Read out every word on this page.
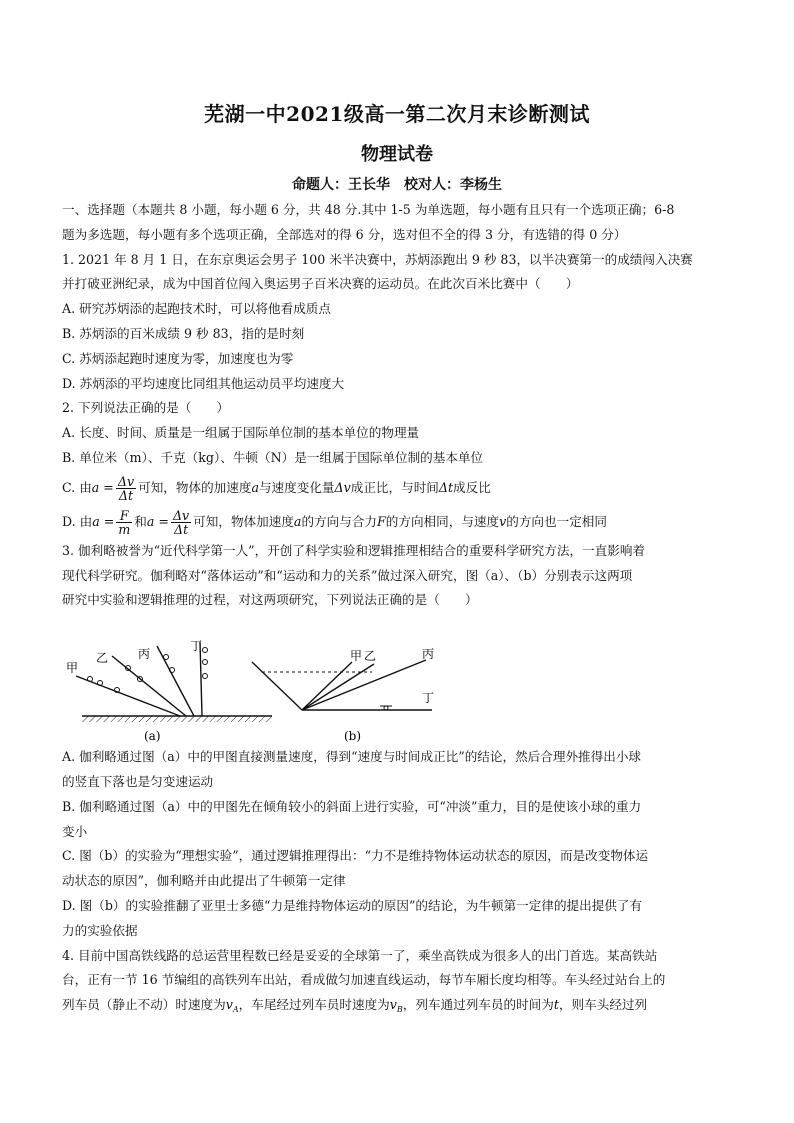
芜湖一中2021级高一第二次月末诊断测试
物理试卷
命题人：王长华　校对人：李杨生
一、选择题（本题共 8 小题，每小题 6 分，共 48 分.其中 1-5 为单选题，每小题有且只有一个选项正确；6-8
题为多选题，每小题有多个选项正确，全部选对的得 6 分，选对但不全的得 3 分，有选错的得 0 分）
1. 2021 年 8 月 1 日，在东京奥运会男子 100 米半决赛中，苏炳添跑出 9 秒 83，以半决赛第一的成绩闯入决赛
并打破亚洲纪录，成为中国首位闯入奥运男子百米决赛的运动员。在此次百米比赛中（　　）
A. 研究苏炳添的起跑技术时，可以将他看成质点
B. 苏炳添的百米成绩 9 秒 83，指的是时刻
C. 苏炳添起跑时速度为零，加速度也为零
D. 苏炳添的平均速度比同组其他运动员平均速度大
2. 下列说法正确的是（　　）
A. 长度、时间、质量是一组属于国际单位制的基本单位的物理量
B. 单位米（m）、千克（kg）、牛顿（N）是一组属于国际单位制的基本单位
C. 由$a = \frac{\Delta v}{\Delta t}$ 可知，物体的加速度a与速度变化量Δv成正比，与时间Δt成反比
D. 由$a = \frac{F}{m}$ 和$a = \frac{\Delta v}{\Delta t}$ 可知，物体加速度a的方向与合力F的方向相同，与速度v的方向也一定相同
3. 伽利略被誉为“近代科学第一人”，开创了科学实验和逻辑推理相结合的重要科学研究方法，一直影响着
现代科学研究。伽利略对“落体运动”和“运动和力的关系”做过深入研究，图（a）、（b）分别表示这两项
研究中实验和逻辑推理的过程，对这两项研究，下列说法正确的是（　　）
A. 伽利略通过图（a）中的甲图直接测量速度，得到“速度与时间成正比”的结论，然后合理外推得出小球
的竖直下落也是匀变速运动
B. 伽利略通过图（a）中的甲图先在倾角较小的斜面上进行实验，可“冲淡”重力，目的是使该小球的重力
变小
C. 图（b）的实验为“理想实验”，通过逻辑推理得出：“力不是维持物体运动状态的原因，而是改变物体运
动状态的原因”，伽利略并由此提出了牛顿第一定律
D. 图（b）的实验推翻了亚里士多德“力是维持物体运动的原因”的结论，为牛顿第一定律的提出提供了有
力的实验依据
4. 目前中国高铁线路的总运营里程数已经是妥妥的全球第一了，乘坐高铁成为很多人的出门首选。某高铁站
台，正有一节 16 节编组的高铁列车出站，看成做匀加速直线运动，每节车厢长度均相等。车头经过站台上的
列车员（静止不动）时速度为$v_A$，车尾经过列车员时速度为$v_B$，列车通过列车员的时间为t，则车头经过列
甲
乙 丙
丁
(a)
甲 乙	丙
丁
(b)
